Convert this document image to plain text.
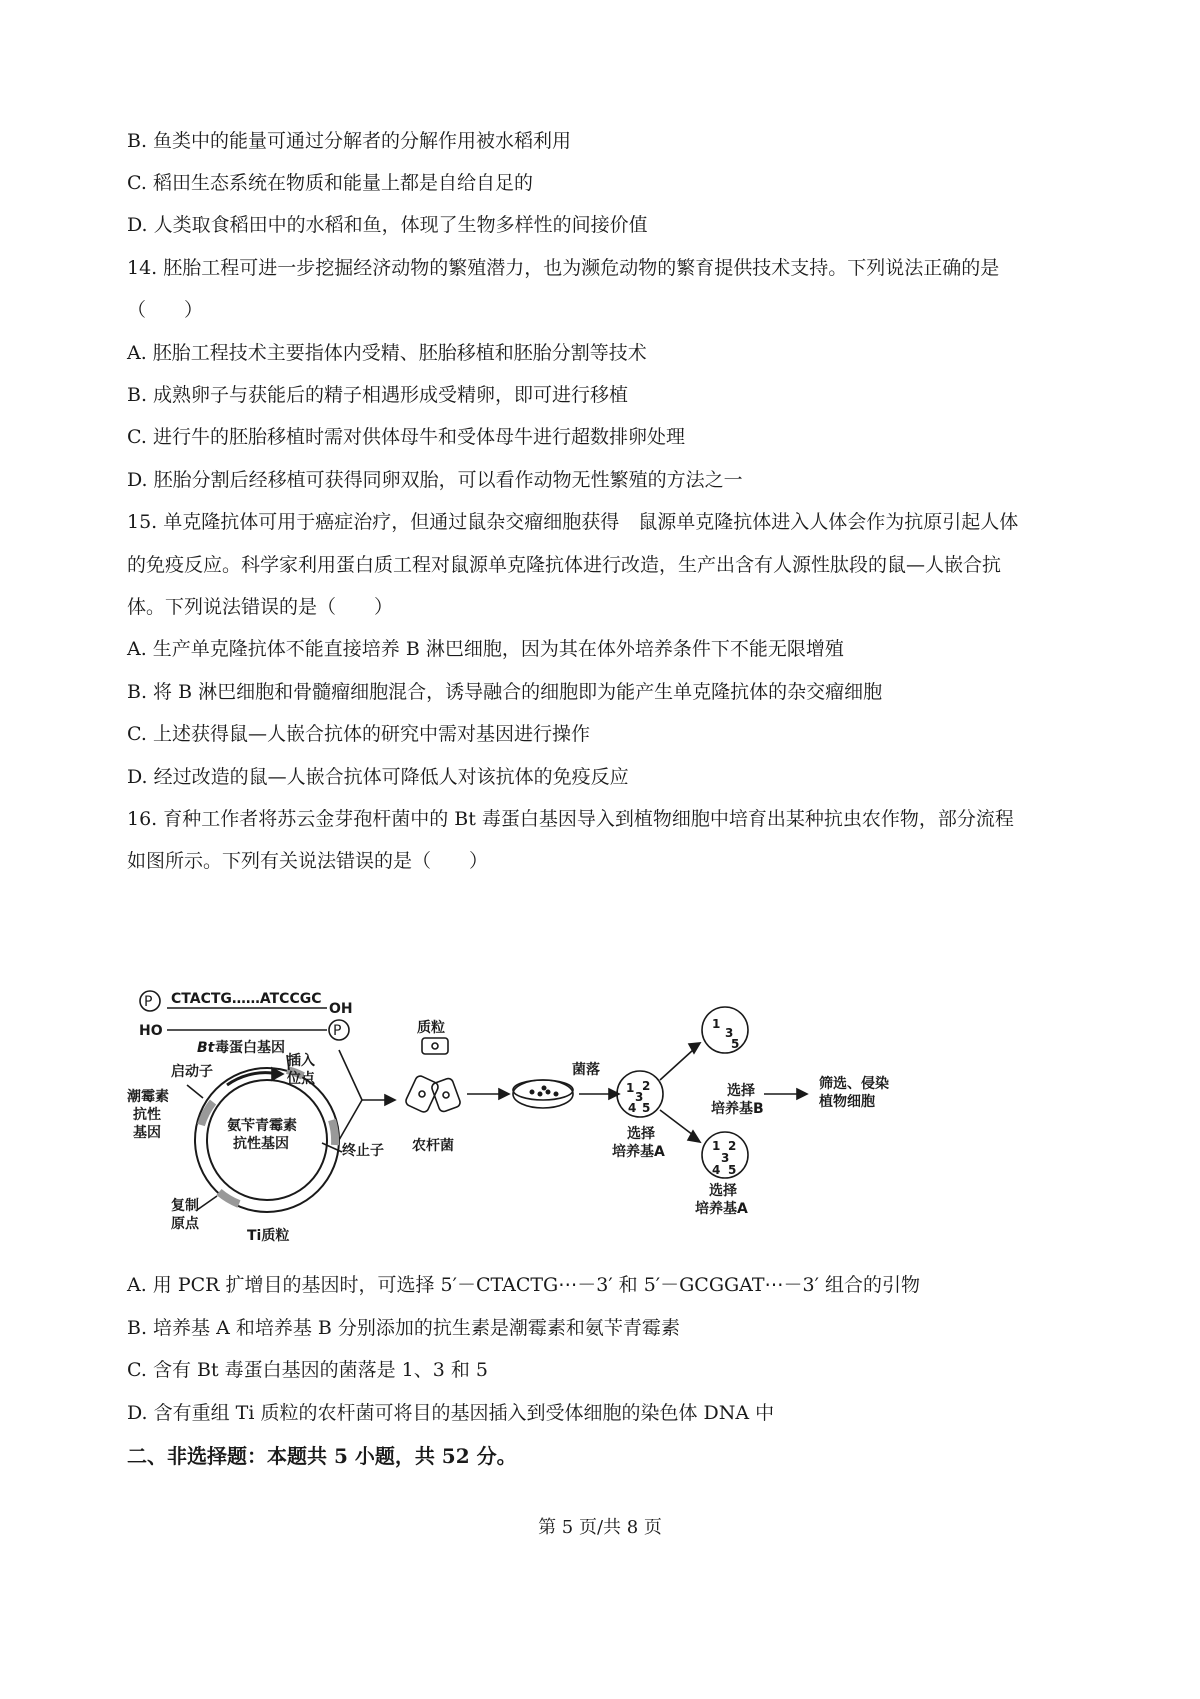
B. 鱼类中的能量可通过分解者的分解作用被水稻利用
C. 稻田生态系统在物质和能量上都是自给自足的
D. 人类取食稻田中的水稻和鱼，体现了生物多样性的间接价值
14. 胚胎工程可进一步挖掘经济动物的繁殖潜力，也为濒危动物的繁育提供技术支持。下列说法正确的是
（　　）
A. 胚胎工程技术主要指体内受精、胚胎移植和胚胎分割等技术
B. 成熟卵子与获能后的精子相遇形成受精卵，即可进行移植
C. 进行牛的胚胎移植时需对供体母牛和受体母牛进行超数排卵处理
D. 胚胎分割后经移植可获得同卵双胎，可以看作动物无性繁殖的方法之一
15. 单克隆抗体可用于癌症治疗，但通过鼠杂交瘤细胞获得　鼠源单克隆抗体进入人体会作为抗原引起人体
的免疫反应。科学家利用蛋白质工程对鼠源单克隆抗体进行改造，生产出含有人源性肽段的鼠—人嵌合抗
体。下列说法错误的是（　　）
A. 生产单克隆抗体不能直接培养 B 淋巴细胞，因为其在体外培养条件下不能无限增殖
B. 将 B 淋巴细胞和骨髓瘤细胞混合，诱导融合的细胞即为能产生单克隆抗体的杂交瘤细胞
C. 上述获得鼠—人嵌合抗体的研究中需对基因进行操作
D. 经过改造的鼠—人嵌合抗体可降低人对该抗体的免疫反应
16. 育种工作者将苏云金芽孢杆菌中的 Bt 毒蛋白基因导入到植物细胞中培育出某种抗虫农作物，部分流程
如图所示。下列有关说法错误的是（　　）
P
P
CTACTG……ATCCGC
OH
HO
Bt 毒蛋白基因
启动子
插入
位点
潮霉素
抗性
基因	氨苄青霉素
抗性基因	终止子
复制
原点
Ti质粒
质粒
农杆菌
菌落
选择
培养基B
选择
培养基A
选择
培养基A
筛选、侵染
植物细胞
1 2
3
4 5
1
3
5
1 2
3
4 5
A. 用 PCR 扩增目的基因时，可选择 5′－CTACTG⋯－3′ 和 5′－GCGGAT⋯－3′ 组合的引物
B. 培养基 A 和培养基 B 分别添加的抗生素是潮霉素和氨苄青霉素
C. 含有 Bt 毒蛋白基因的菌落是 1、3 和 5
D. 含有重组 Ti 质粒的农杆菌可将目的基因插入到受体细胞的染色体 DNA 中
二、非选择题：本题共 5 小题，共 52 分。
第 5 页/共 8 页
